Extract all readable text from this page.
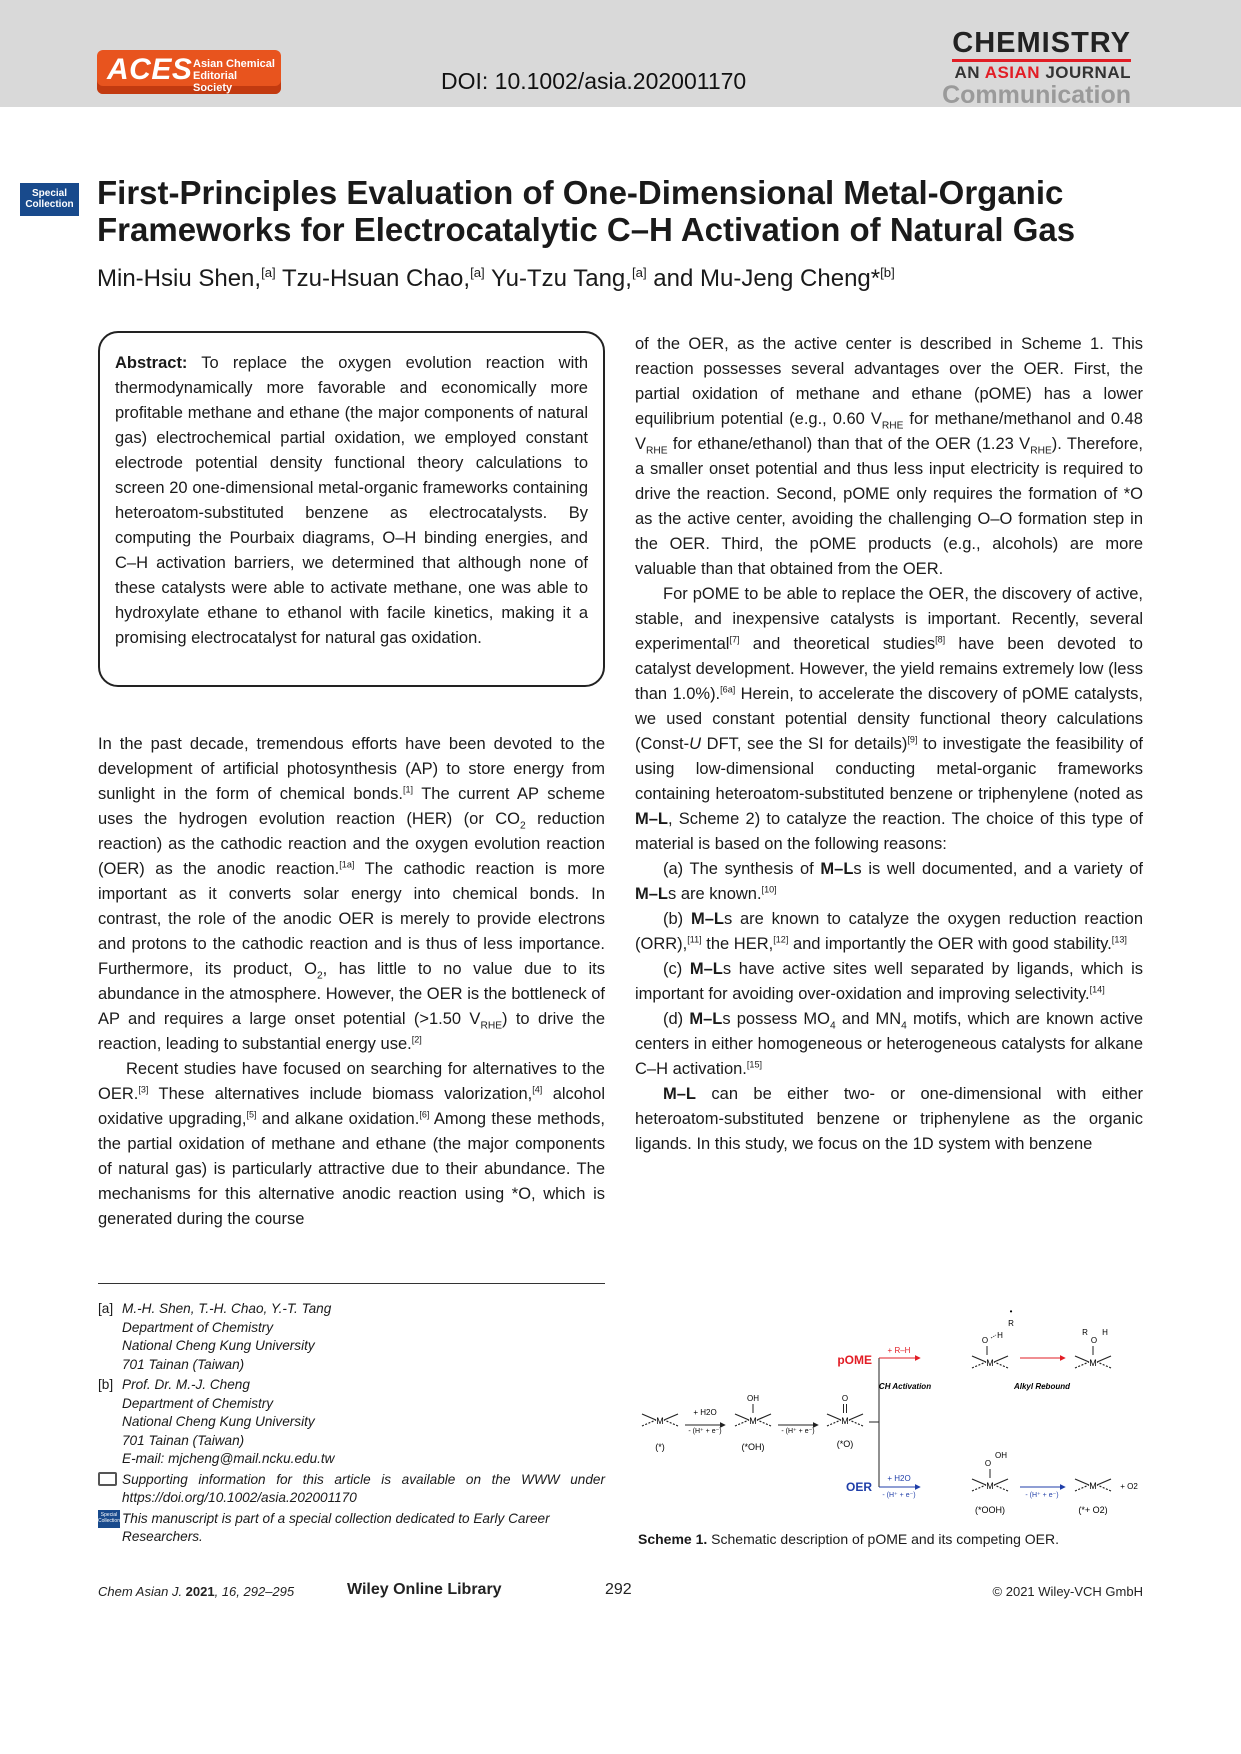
ACES Asian Chemical Editorial Society	DOI: 10.1002/asia.202001170
CHEMISTRY
AN ASIAN JOURNAL
Communication
Special Collection First-Principles Evaluation of One-Dimensional Metal-Organic Frameworks for Electrocatalytic C–H Activation of Natural Gas
Min-Hsiu Shen,[a] Tzu-Hsuan Chao,[a] Yu-Tzu Tang,[a] and Mu-Jeng Cheng*[b]
Abstract: To replace the oxygen evolution reaction with thermodynamically more favorable and economically more profitable methane and ethane (the major components of natural gas) electrochemical partial oxidation, we employed constant electrode potential density functional theory calculations to screen 20 one-dimensional metal-organic frameworks containing heteroatom-substituted benzene as electrocatalysts. By computing the Pourbaix diagrams, O–H binding energies, and C–H activation barriers, we determined that although none of these catalysts were able to activate methane, one was able to hydroxylate ethane to ethanol with facile kinetics, making it a promising electrocatalyst for natural gas oxidation.

In the past decade, tremendous efforts have been devoted to the development of artificial photosynthesis (AP) to store energy from sunlight in the form of chemical bonds.[1] The current AP scheme uses the hydrogen evolution reaction (HER) (or $CO_2$ reduction reaction) as the cathodic reaction and the oxygen evolution reaction (OER) as the anodic reaction.[1a] The cathodic reaction is more important as it converts solar energy into chemical bonds. In contrast, the role of the anodic OER is merely to provide electrons and protons to the cathodic reaction and is thus of less importance. Furthermore, its product, $O_2$, has little to no value due to its abundance in the atmosphere. However, the OER is the bottleneck of AP and requires a large onset potential (>1.50 $V_{RHE}$) to drive the reaction, leading to substantial energy use.[2]

Recent studies have focused on searching for alternatives to the OER.[3] These alternatives include biomass valorization,[4] alcohol oxidative upgrading,[5] and alkane oxidation.[6] Among these methods, the partial oxidation of methane and ethane (the major components of natural gas) is particularly attractive due to their abundance. The mechanisms for this alternative anodic reaction using *O, which is generated during the course

of the OER, as the active center is described in Scheme 1. This reaction possesses several advantages over the OER. First, the partial oxidation of methane and ethane (pOME) has a lower equilibrium potential (e.g., 0.60 $V_{RHE}$ for methane/methanol and 0.48 $V_{RHE}$ for ethane/ethanol) than that of the OER (1.23 $V_{RHE}$). Therefore, a smaller onset potential and thus less input electricity is required to drive the reaction. Second, pOME only requires the formation of *O as the active center, avoiding the challenging O–O formation step in the OER. Third, the pOME products (e.g., alcohols) are more valuable than that obtained from the OER.

For pOME to be able to replace the OER, the discovery of active, stable, and inexpensive catalysts is important. Recently, several experimental[7] and theoretical studies[8] have been devoted to catalyst development. However, the yield remains extremely low (less than 1.0%).[6a] Herein, to accelerate the discovery of pOME catalysts, we used constant potential density functional theory calculations (Const-U DFT, see the SI for details)[9] to investigate the feasibility of using low-dimensional conducting metal-organic frameworks containing heteroatom-substituted benzene or triphenylene (noted as M–L, Scheme 2) to catalyze the reaction. The choice of this type of material is based on the following reasons:

(a) The synthesis of M–Ls is well documented, and a variety of M–Ls are known.[10]

(b) M–Ls are known to catalyze the oxygen reduction reaction (ORR),[11] the HER,[12] and importantly the OER with good stability.[13]

(c) M–Ls have active sites well separated by ligands, which is important for avoiding over-oxidation and improving selectivity.[14]

(d) M–Ls possess $MO_4$ and $MN_4$ motifs, which are known active centers in either homogeneous or heterogeneous catalysts for alkane C–H activation.[15]

M–L can be either two- or one-dimensional with either heteroatom-substituted benzene or triphenylene as the organic ligands. In this study, we focus on the 1D system with benzene

[a] M.-H. Shen, T.-H. Chao, Y.-T. Tang
Department of Chemistry
National Cheng Kung University
701 Tainan (Taiwan)
[b] Prof. Dr. M.-J. Cheng
Department of Chemistry
National Cheng Kung University
701 Tainan (Taiwan)
E-mail: mjcheng@mail.ncku.edu.tw
Supporting information for this article is available on the WWW under https://doi.org/10.1002/asia.202001170
Special Collection This manuscript is part of a special collection dedicated to Early Career Researchers.
M
(*)
+ H2O
- (H⁺ + e⁻)
M
OH
(*OH)
- (H⁺ + e⁻)
M
O
(*O)
pOME
+ R–H
CH Activation
M
O
H
R
•
Alkyl Rebound
M
R
O
H
OER
+ H2O
- (H⁺ + e⁻)
M
O
OH
(*OOH)
- (H⁺ + e⁻)
M	+ O2
(*+ O2)
Scheme 1. Schematic description of pOME and its competing OER.
Chem Asian J. 2021, 16, 292–295	Wiley Online Library	292	© 2021 Wiley-VCH GmbH
